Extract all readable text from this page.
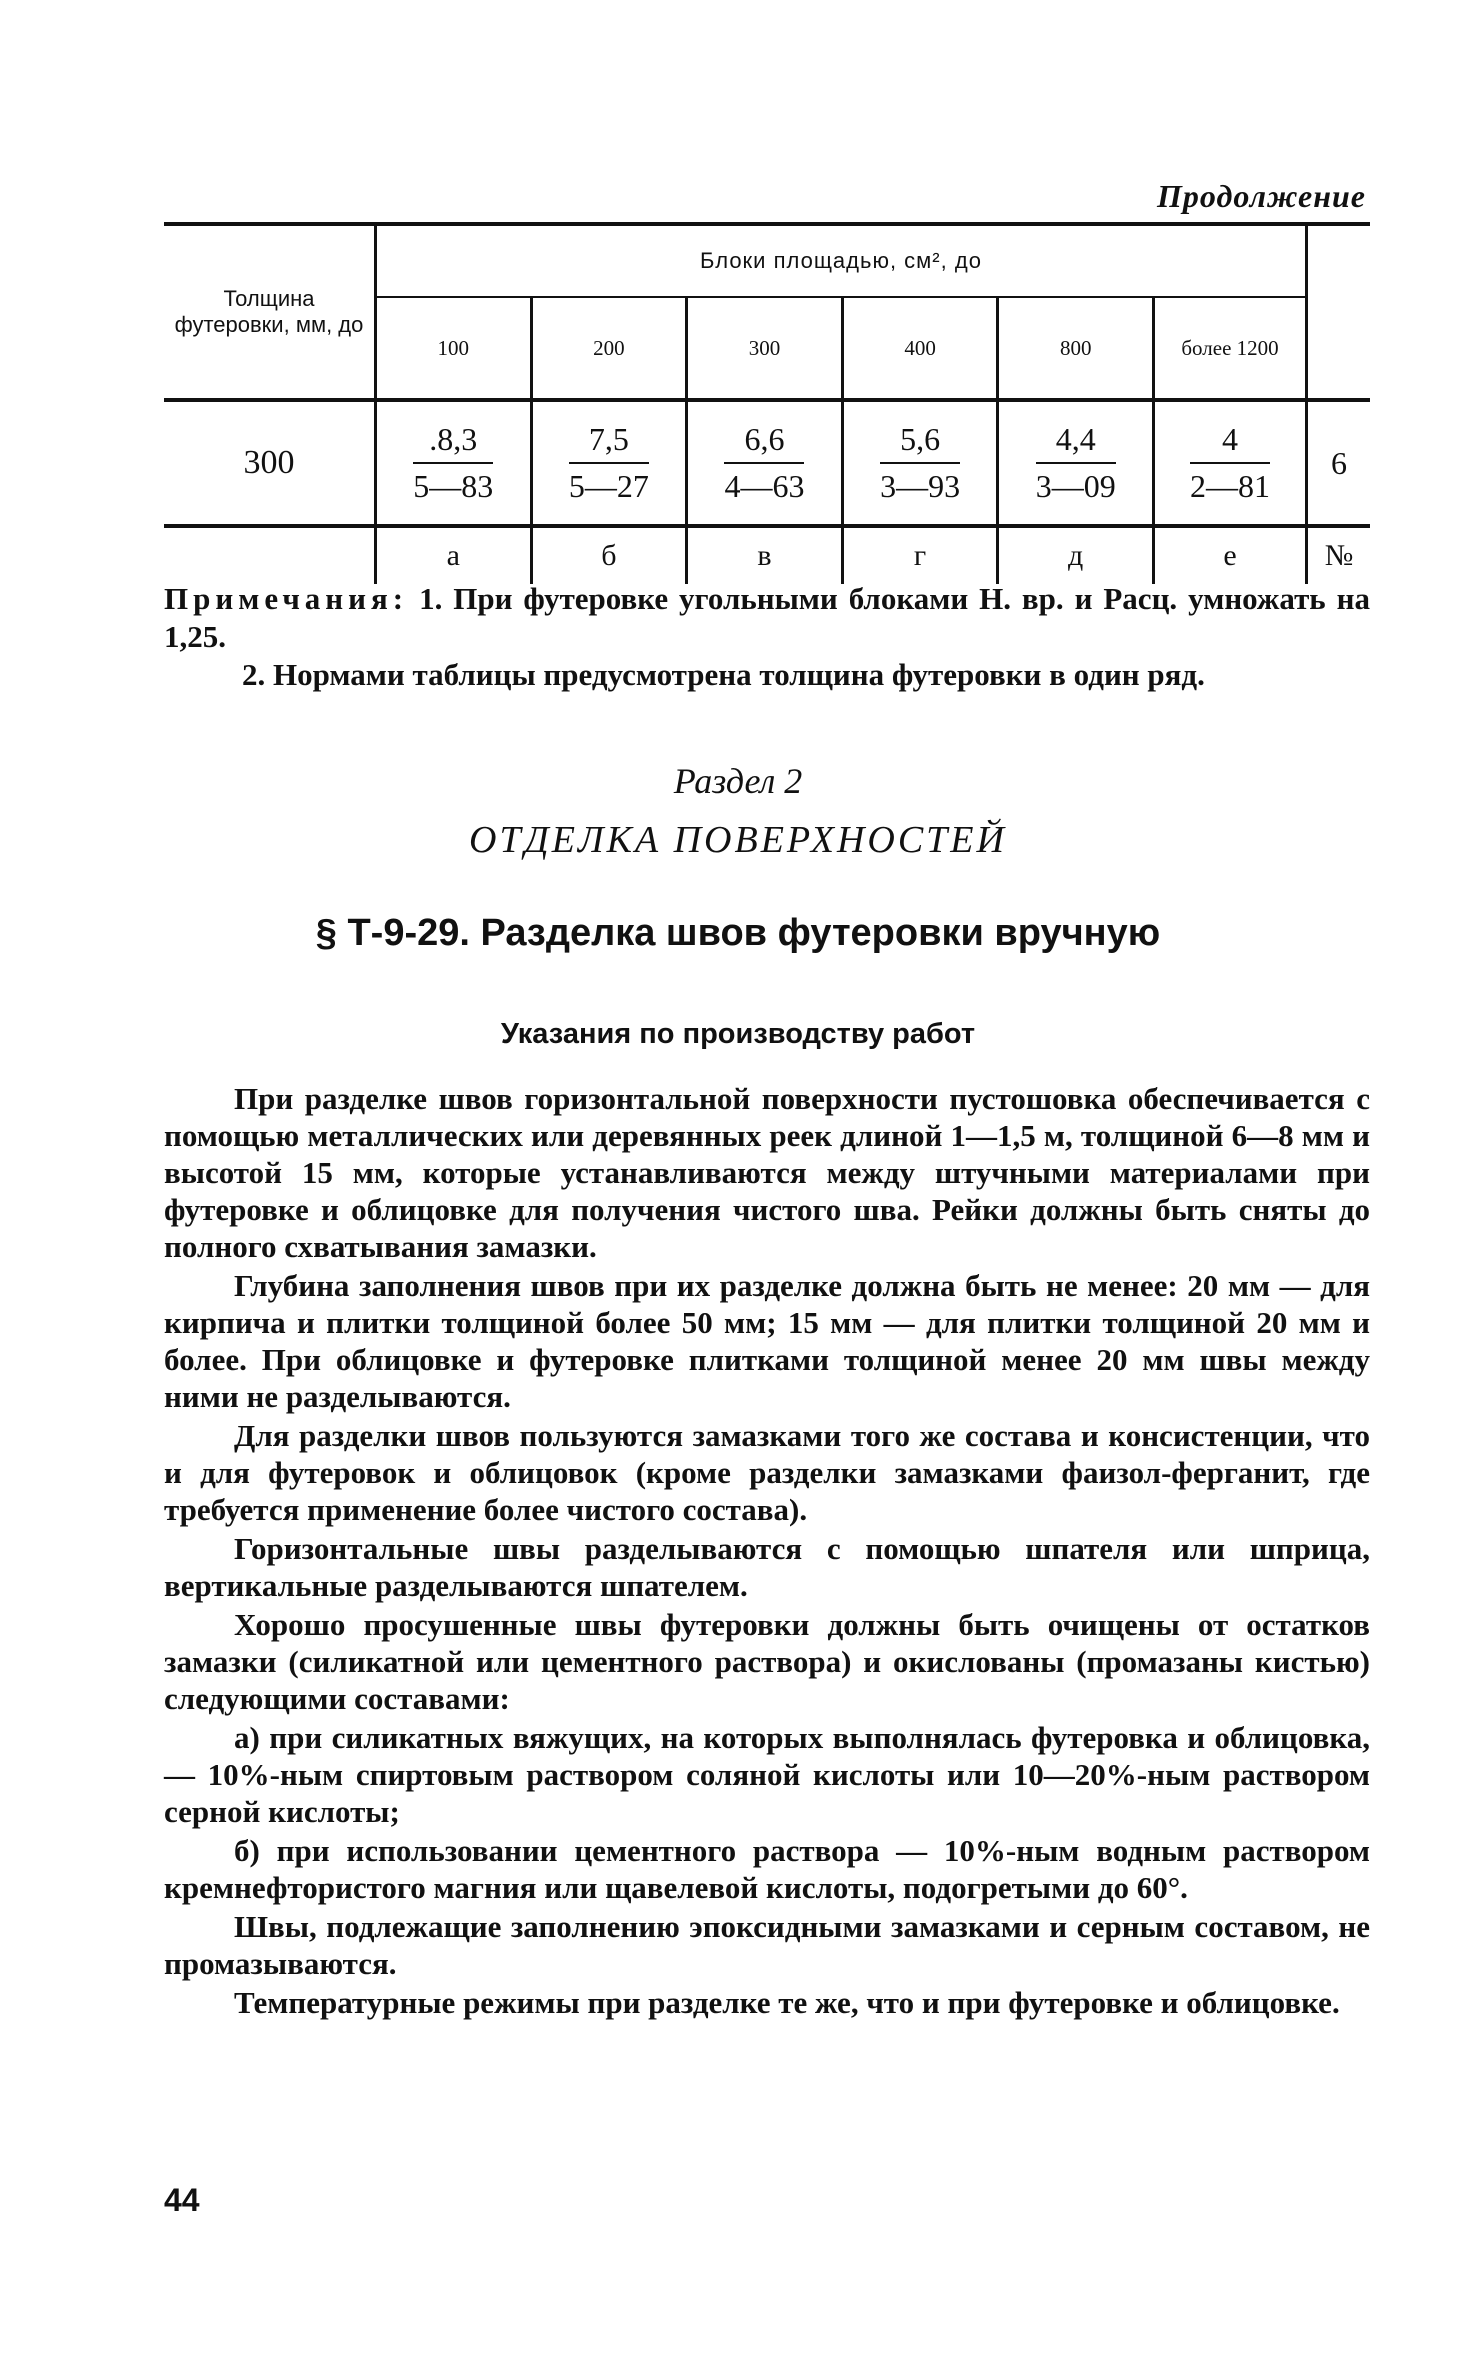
Продолжение
Толщина футеровки, мм, до	Блоки площадью, см², до						
	100	200	300	400	800	более 1200	
300	$\frac{.8,3}{5—83}$	$\frac{7,5}{5—27}$	$\frac{6,6}{4—63}$	$\frac{5,6}{3—93}$	$\frac{4,4}{3—09}$	$\frac{4}{2—81}$	6
	а	б	в	г	д	е	№

Примечания: 1. При футеровке угольными блоками Н. вр. и Расц. умножать на 1,25.

2. Нормами таблицы предусмотрена толщина футеровки в один ряд.

Раздел 2
ОТДЕЛКА ПОВЕРХНОСТЕЙ
§ Т-9-29. Разделка швов футеровки вручную
Указания по производству работ

При разделке швов горизонтальной поверхности пустошовка обеспечивается с помощью металлических или деревянных реек длиной 1—1,5 м, толщиной 6—8 мм и высотой 15 мм, которые устанавливаются между штучными материалами при футеровке и облицовке для получения чистого шва. Рейки должны быть сняты до полного схватывания замазки.

Глубина заполнения швов при их разделке должна быть не менее: 20 мм — для кирпича и плитки толщиной более 50 мм; 15 мм — для плитки толщиной 20 мм и более. При облицовке и футеровке плитками толщиной менее 20 мм швы между ними не разделываются.

Для разделки швов пользуются замазками того же состава и консистенции, что и для футеровок и облицовок (кроме разделки замазками фаизол-ферганит, где требуется применение более чистого состава).

Горизонтальные швы разделываются с помощью шпателя или шприца, вертикальные разделываются шпателем.

Хорошо просушенные швы футеровки должны быть очищены от остатков замазки (силикатной или цементного раствора) и окислованы (промазаны кистью) следующими составами:

а) при силикатных вяжущих, на которых выполнялась футеровка и облицовка, — 10%-ным спиртовым раствором соляной кислоты или 10—20%-ным раствором серной кислоты;

б) при использовании цементного раствора — 10%-ным водным раствором кремнефтористого магния или щавелевой кислоты, подогретыми до 60°.

Швы, подлежащие заполнению эпоксидными замазками и серным составом, не промазываются.

Температурные режимы при разделке те же, что и при футеровке и облицовке.

44
